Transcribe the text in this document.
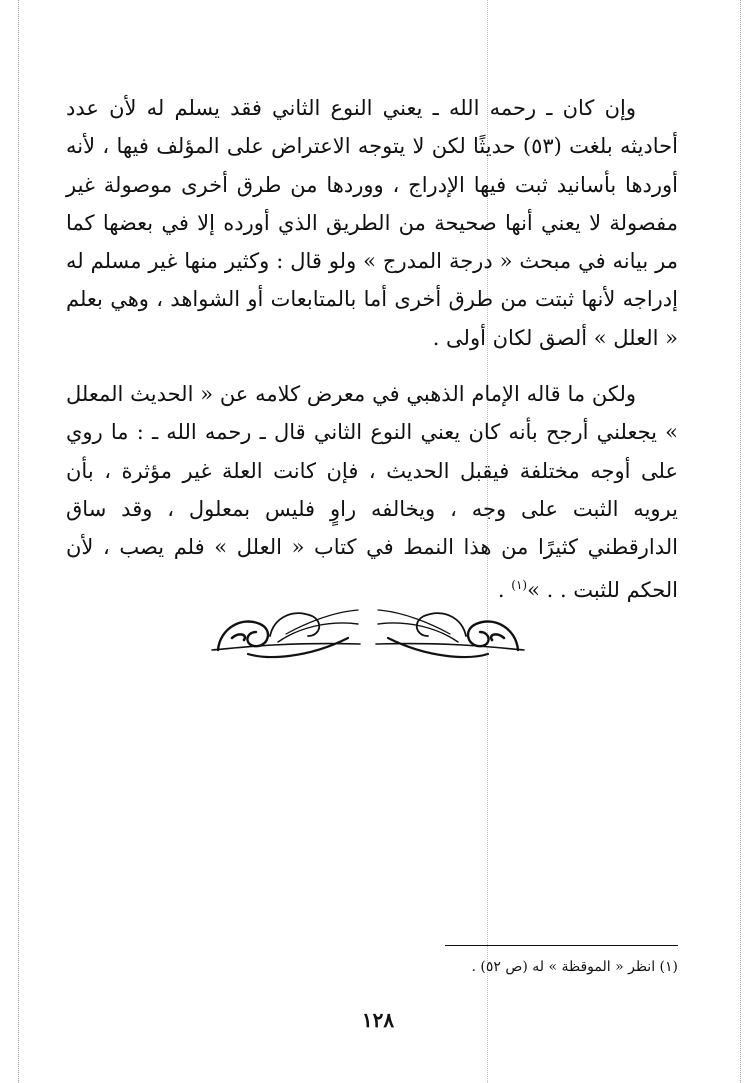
وإن كان ـ رحمه الله ـ يعني النوع الثاني فقد يسلم له لأن عدد أحاديثه بلغت (٥٣) حديثًا لكن لا يتوجه الاعتراض على المؤلف فيها ، لأنه أوردها بأسانيد ثبت فيها الإدراج ، ووردها من طرق أخرى موصولة غير مفصولة لا يعني أنها صحيحة من الطريق الذي أورده إلا في بعضها كما مر بيانه في مبحث « درجة المدرج » ولو قال : وكثير منها غير مسلم له إدراجه لأنها ثبتت من طرق أخرى أما بالمتابعات أو الشواهد ، وهي بعلم « العلل » ألصق لكان أولى .

ولكن ما قاله الإمام الذهبي في معرض كلامه عن « الحديث المعلل » يجعلني أرجح بأنه كان يعني النوع الثاني قال ـ رحمه الله ـ : ما روي على أوجه مختلفة فيقبل الحديث ، فإن كانت العلة غير مؤثرة ، بأن يرويه الثبت على وجه ، ويخالفه راوٍ فليس بمعلول ، وقد ساق الدارقطني كثيرًا من هذا النمط في كتاب « العلل » فلم يصب ، لأن الحكم للثبت . . »$^{(١)}$ .

(١) انظر « الموقظة » له (ص ٥٢) .
١٢٨
